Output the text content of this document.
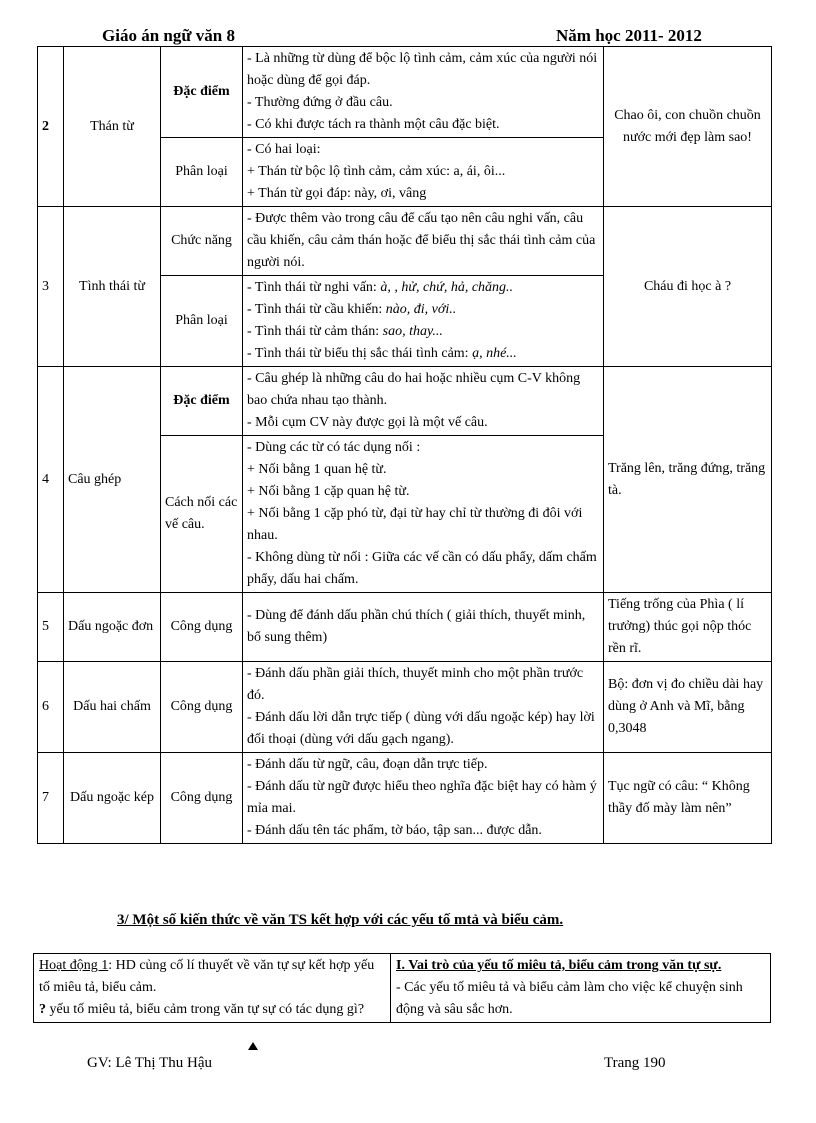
Giáo án ngữ văn 8	Năm học 2011- 2012
2	Thán từ	Đặc điểm	- Là những từ dùng để bộc lộ tình cảm, cảm xúc của người nói hoặc dùng để gọi đáp.
- Thường đứng ở đầu câu.
- Có khi được tách ra thành một câu đặc biệt.	Chao ôi, con chuồn chuồn nước mới đẹp làm sao!
		Phân loại	- Có hai loại:
+ Thán từ bộc lộ tình cảm, cảm xúc: a, ái, ôi...
+ Thán từ gọi đáp: này, ơi, vâng	

3	Tình thái từ	Chức năng	- Được thêm vào trong câu để cấu tạo nên câu nghi vấn, câu cầu khiến, câu cảm thán hoặc để biểu thị sắc thái tình cảm của người nói.	Cháu đi học à ?
		Phân loại	- Tình thái từ nghi vấn: à, , hử, chứ, hả, chăng..
- Tình thái từ cầu khiến: nào, đi, với..
- Tình thái từ cảm thán: sao, thay...
- Tình thái từ biểu thị sắc thái tình cảm: ạ, nhé...	

4	Câu ghép	Đặc điểm	- Câu ghép là những câu do hai hoặc nhiều cụm C-V không bao chứa nhau tạo thành.
- Mỗi cụm CV này được gọi là một vế câu.	Trăng lên, trăng đứng, trăng tà.
		Cách nối các vế câu.	- Dùng các từ có tác dụng nối :
+ Nối bằng 1 quan hệ từ.
+ Nối bằng 1 cặp quan hệ từ.
+ Nối bằng 1 cặp phó từ, đại từ hay chỉ từ thường đi đôi với nhau.
- Không dùng từ nối : Giữa các vế cần có dấu phẩy, dấm chấm phẩy, dấu hai chấm.	

5	Dấu ngoặc đơn	Công dụng	- Dùng để đánh dấu phần chú thích ( giải thích, thuyết minh, bổ sung thêm)	Tiếng trống của Phìa ( lí trưởng) thúc gọi nộp thóc rền rĩ.
6	Dấu hai chấm	Công dụng	- Đánh dấu phần giải thích, thuyết minh cho một phần trước đó.
- Đánh dấu lời dẫn trực tiếp ( dùng với dấu ngoặc kép) hay lời đối thoại (dùng với dấu gạch ngang).	Bộ: đơn vị đo chiều dài hay dùng ở Anh và Mĩ, bằng 0,3048
7	Dấu ngoặc kép	Công dụng	- Đánh dấu từ ngữ, câu, đoạn dẫn trực tiếp.
- Đánh dấu từ ngữ được hiểu theo nghĩa đặc biệt hay có hàm ý mỉa mai.
- Đánh dấu tên tác phẩm, tờ báo, tập san... được dẫn.	Tục ngữ có câu: “ Không thầy đố mày làm nên”
3/ Một số kiến thức về văn TS kết hợp với các yếu tố mtả và biểu cảm.
Hoạt động 1: HD củng cố lí thuyết về văn tự sự kết hợp yếu tố miêu tả, biểu cảm.
? yếu tố miêu tả, biểu cảm trong văn tự sự có tác dụng gì?	I. Vai trò của yếu tố miêu tả, biểu cảm trong văn tự sự.
- Các yếu tố miêu tả và biểu cảm làm cho việc kể chuyện sinh động và sâu sắc hơn.
GV: Lê Thị Thu Hậu	Trang 190
